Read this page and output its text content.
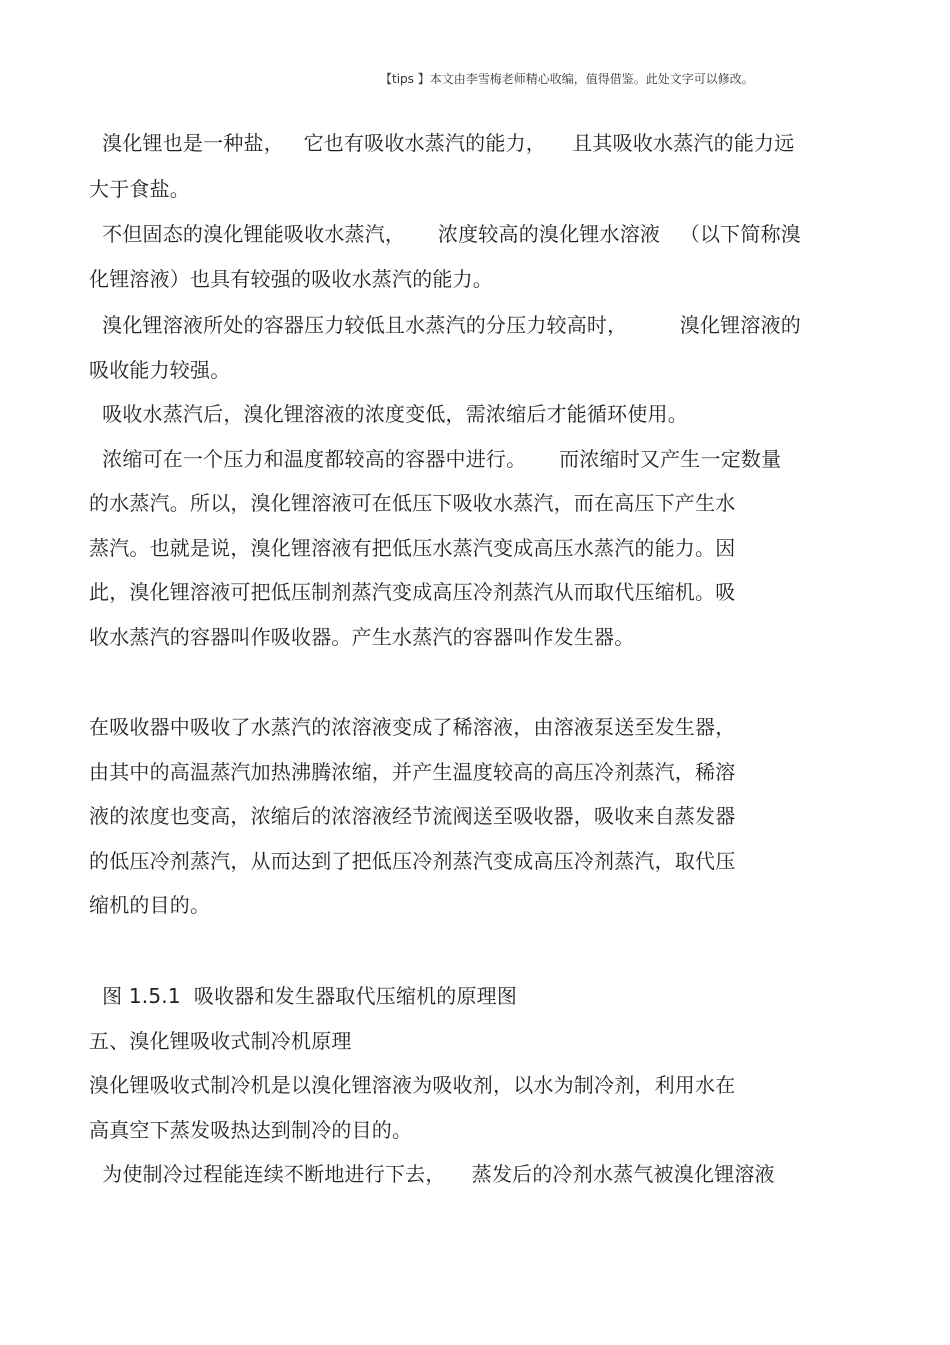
【tips 】本文由李雪梅老师精心收编，值得借鉴。此处文字可以修改。
溴化锂也是一种盐，   它也有吸收水蒸汽的能力，    且其吸收水蒸汽的能力远
大于食盐。
不但固态的溴化锂能吸收水蒸汽，     浓度较高的溴化锂水溶液   （以下简称溴
化锂溶液）也具有较强的吸收水蒸汽的能力。
溴化锂溶液所处的容器压力较低且水蒸汽的分压力较高时，        溴化锂溶液的
吸收能力较强。
吸收水蒸汽后，溴化锂溶液的浓度变低，需浓缩后才能循环使用。
浓缩可在一个压力和温度都较高的容器中进行。     而浓缩时又产生一定数量
的水蒸汽。所以，溴化锂溶液可在低压下吸收水蒸汽，而在高压下产生水
蒸汽。也就是说，溴化锂溶液有把低压水蒸汽变成高压水蒸汽的能力。因
此，溴化锂溶液可把低压制剂蒸汽变成高压冷剂蒸汽从而取代压缩机。吸
收水蒸汽的容器叫作吸收器。产生水蒸汽的容器叫作发生器。
在吸收器中吸收了水蒸汽的浓溶液变成了稀溶液，由溶液泵送至发生器，
由其中的高温蒸汽加热沸腾浓缩，并产生温度较高的高压冷剂蒸汽，稀溶
液的浓度也变高，浓缩后的浓溶液经节流阀送至吸收器，吸收来自蒸发器
的低压冷剂蒸汽，从而达到了把低压冷剂蒸汽变成高压冷剂蒸汽，取代压
缩机的目的。
图 1.5.1  吸收器和发生器取代压缩机的原理图
五、溴化锂吸收式制冷机原理
溴化锂吸收式制冷机是以溴化锂溶液为吸收剂，以水为制冷剂，利用水在
高真空下蒸发吸热达到制冷的目的。
为使制冷过程能连续不断地进行下去，    蒸发后的冷剂水蒸气被溴化锂溶液
